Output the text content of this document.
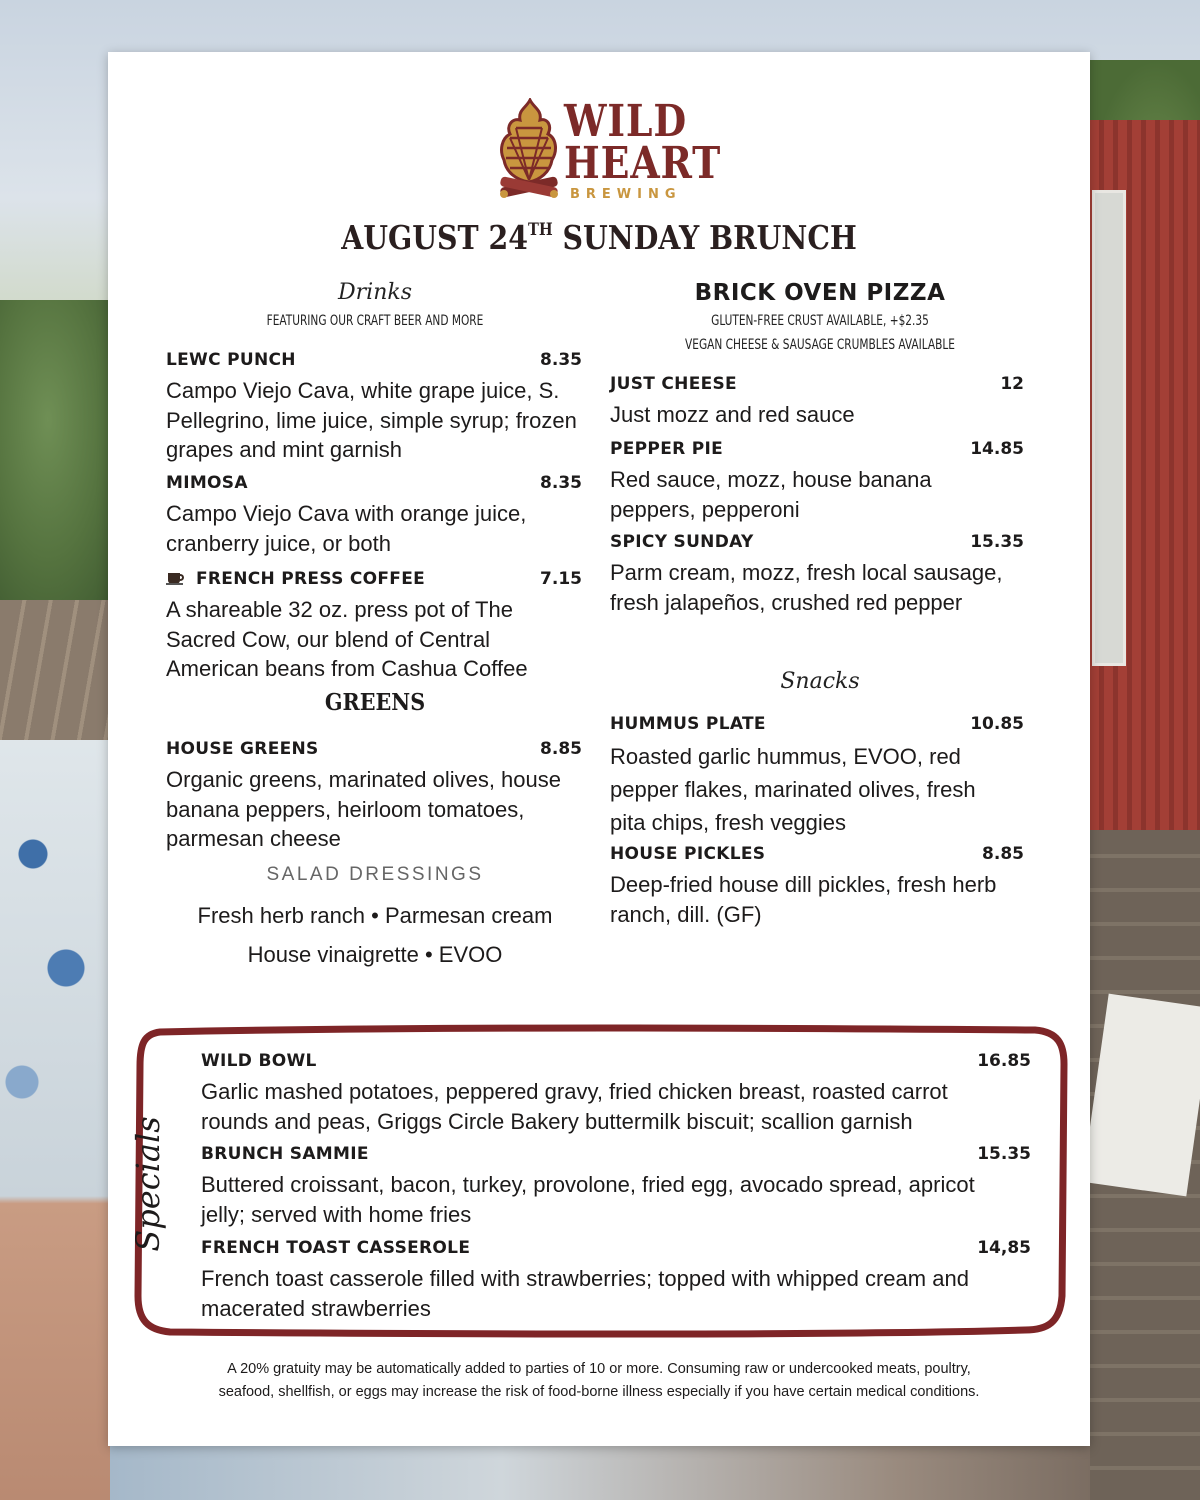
WILD
HEART
BREWING
AUGUST 24TH SUNDAY BRUNCH
Drinks
FEATURING OUR CRAFT BEER AND MORE
LEWC PUNCH	8.35
Campo Viejo Cava, white grape juice, S. Pellegrino, lime juice, simple syrup; frozen grapes and mint garnish
MIMOSA	8.35
Campo Viejo Cava with orange juice, cranberry juice, or both
FRENCH PRESS COFFEE	7.15
A shareable 32 oz. press pot of The Sacred Cow, our blend of Central American beans from Cashua Coffee
GREENS
HOUSE GREENS	8.85
Organic greens, marinated olives, house banana peppers, heirloom tomatoes, parmesan cheese
SALAD DRESSINGS
Fresh herb ranch • Parmesan cream
House vinaigrette • EVOO
BRICK OVEN PIZZA
GLUTEN-FREE CRUST AVAILABLE, +$2.35
VEGAN CHEESE & SAUSAGE CRUMBLES AVAILABLE
JUST CHEESE	12
Just mozz and red sauce
PEPPER PIE	14.85
Red sauce, mozz, house banana peppers, pepperoni
SPICY SUNDAY	15.35
Parm cream, mozz, fresh local sausage, fresh jalapeños, crushed red pepper
Snacks
HUMMUS PLATE	10.85
Roasted garlic hummus, EVOO, red pepper flakes, marinated olives, fresh pita chips, fresh veggies
HOUSE PICKLES	8.85
Deep-fried house dill pickles, fresh herb ranch, dill. (GF)
Specials
WILD BOWL	16.85
Garlic mashed potatoes, peppered gravy, fried chicken breast, roasted carrot rounds and peas, Griggs Circle Bakery buttermilk biscuit; scallion garnish
BRUNCH SAMMIE	15.35
Buttered croissant, bacon, turkey, provolone, fried egg, avocado spread, apricot jelly; served with home fries
FRENCH TOAST CASSEROLE	14,85
French toast casserole filled with strawberries; topped with whipped cream and macerated strawberries
A 20% gratuity may be automatically added to parties of 10 or more. Consuming raw or undercooked meats, poultry,
seafood, shellfish, or eggs may increase the risk of food-borne illness especially if you have certain medical conditions.
